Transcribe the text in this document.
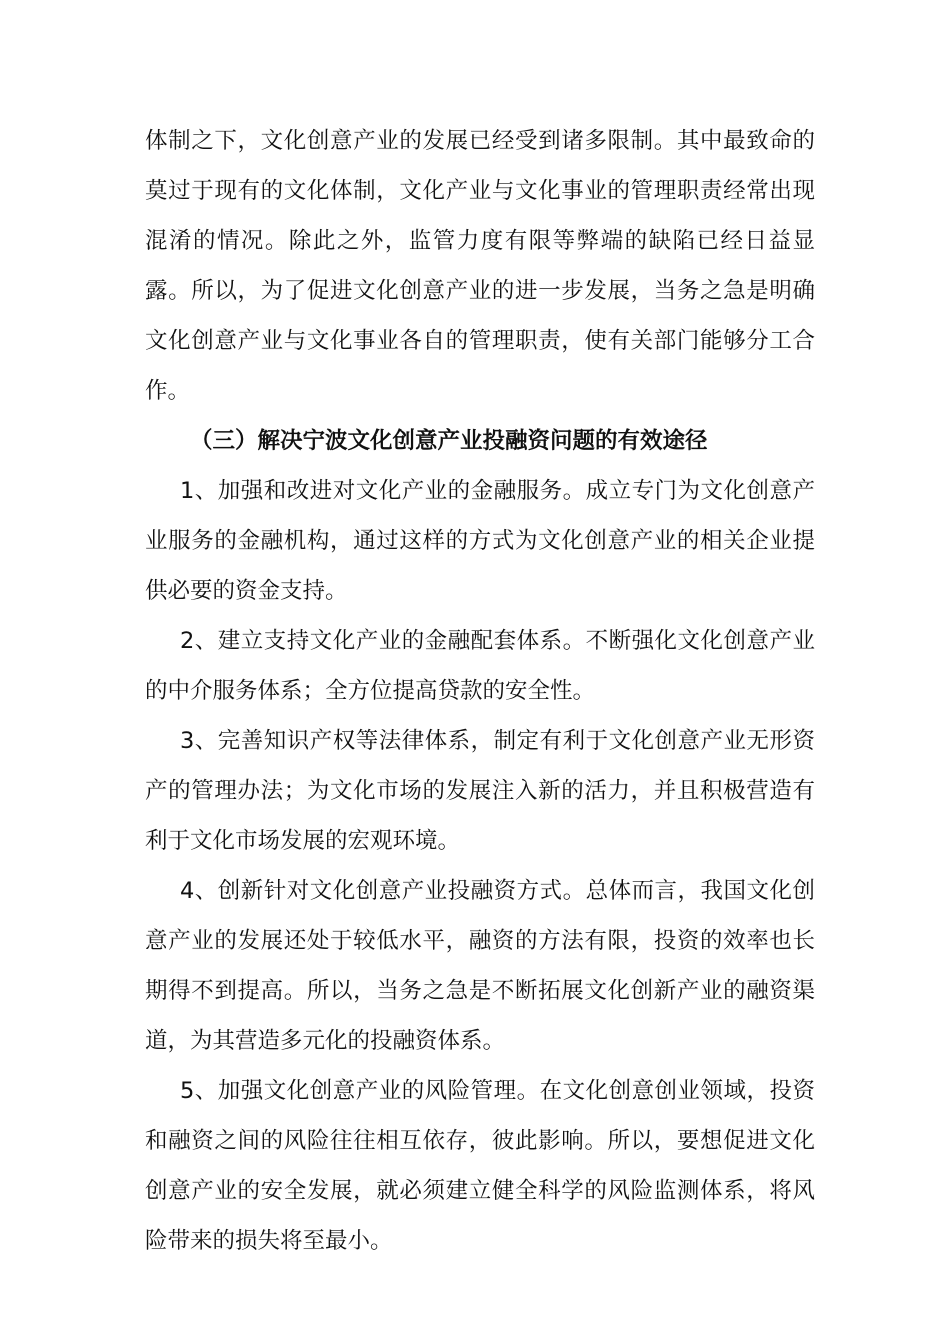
体制之下，文化创意产业的发展已经受到诸多限制。其中最致命的莫过于现有的文化体制，文化产业与文化事业的管理职责经常出现混淆的情况。除此之外，监管力度有限等弊端的缺陷已经日益显露。所以，为了促进文化创意产业的进一步发展，当务之急是明确文化创意产业与文化事业各自的管理职责，使有关部门能够分工合作。

（三）解决宁波文化创意产业投融资问题的有效途径

1、加强和改进对文化产业的金融服务。成立专门为文化创意产业服务的金融机构，通过这样的方式为文化创意产业的相关企业提供必要的资金支持。

2、建立支持文化产业的金融配套体系。不断强化文化创意产业的中介服务体系；全方位提高贷款的安全性。

3、完善知识产权等法律体系，制定有利于文化创意产业无形资产的管理办法；为文化市场的发展注入新的活力，并且积极营造有利于文化市场发展的宏观环境。

4、创新针对文化创意产业投融资方式。总体而言，我国文化创意产业的发展还处于较低水平，融资的方法有限，投资的效率也长期得不到提高。所以，当务之急是不断拓展文化创新产业的融资渠道，为其营造多元化的投融资体系。

5、加强文化创意产业的风险管理。在文化创意创业领域，投资和融资之间的风险往往相互依存，彼此影响。所以，要想促进文化创意产业的安全发展，就必须建立健全科学的风险监测体系，将风险带来的损失将至最小。
